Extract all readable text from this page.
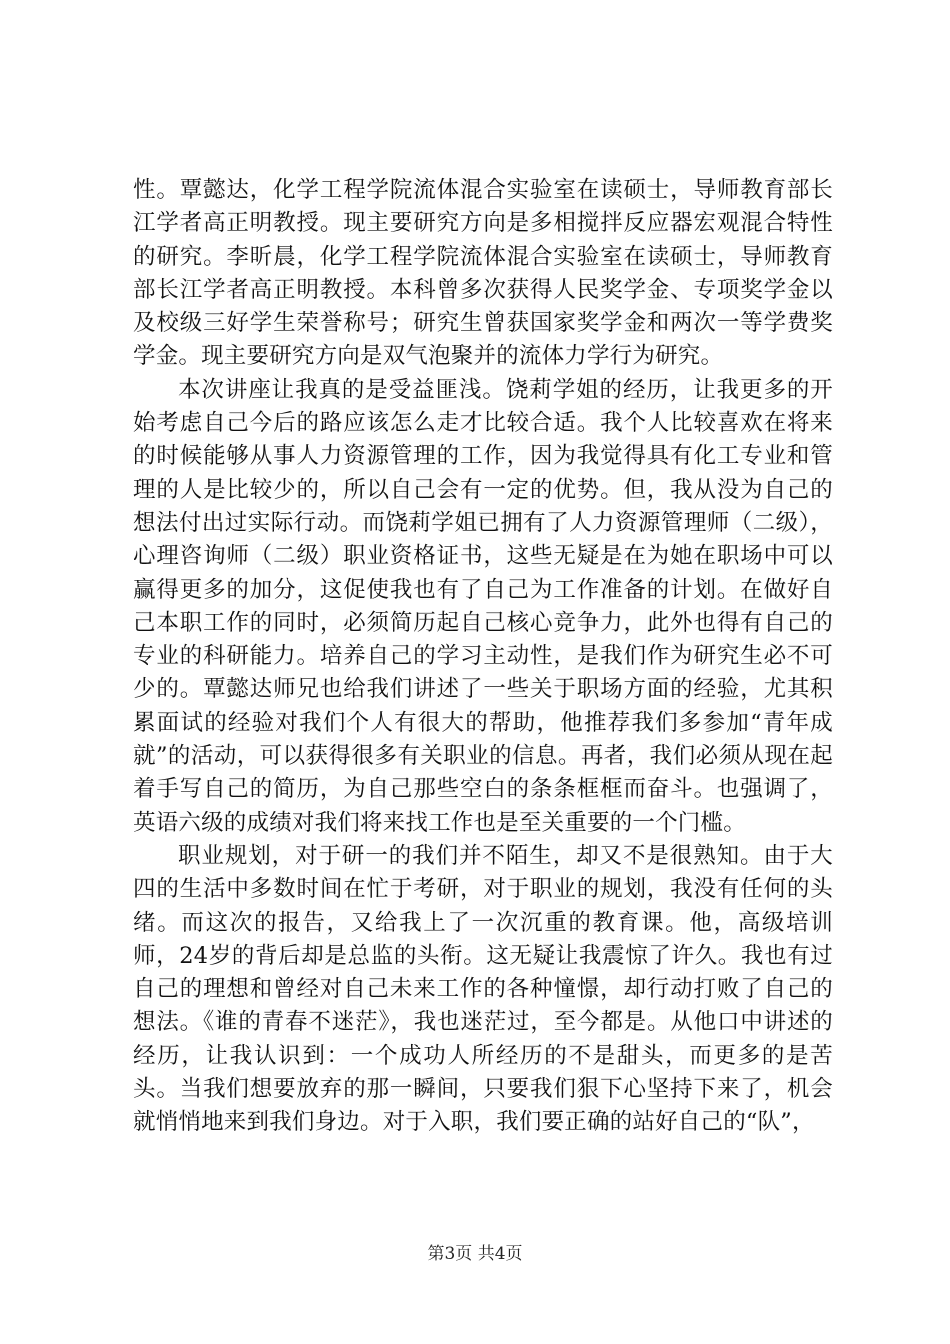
性。覃懿达，化学工程学院流体混合实验室在读硕士，导师教育部长江学者高正明教授。现主要研究方向是多相搅拌反应器宏观混合特性的研究。李昕晨，化学工程学院流体混合实验室在读硕士，导师教育部长江学者高正明教授。本科曾多次获得人民奖学金、专项奖学金以及校级三好学生荣誉称号；研究生曾获国家奖学金和两次一等学费奖学金。现主要研究方向是双气泡聚并的流体力学行为研究。

本次讲座让我真的是受益匪浅。饶莉学姐的经历，让我更多的开始考虑自己今后的路应该怎么走才比较合适。我个人比较喜欢在将来的时候能够从事人力资源管理的工作，因为我觉得具有化工专业和管理的人是比较少的，所以自己会有一定的优势。但，我从没为自己的想法付出过实际行动。而饶莉学姐已拥有了人力资源管理师（二级），心理咨询师（二级）职业资格证书，这些无疑是在为她在职场中可以赢得更多的加分，这促使我也有了自己为工作准备的计划。在做好自己本职工作的同时，必须简历起自己核心竞争力，此外也得有自己的专业的科研能力。培养自己的学习主动性，是我们作为研究生必不可少的。覃懿达师兄也给我们讲述了一些关于职场方面的经验，尤其积累面试的经验对我们个人有很大的帮助，他推荐我们多参加“青年成就”的活动，可以获得很多有关职业的信息。再者，我们必须从现在起着手写自己的简历，为自己那些空白的条条框框而奋斗。也强调了，英语六级的成绩对我们将来找工作也是至关重要的一个门槛。

职业规划，对于研一的我们并不陌生，却又不是很熟知。由于大四的生活中多数时间在忙于考研，对于职业的规划，我没有任何的头绪。而这次的报告，又给我上了一次沉重的教育课。他，高级培训师，24岁的背后却是总监的头衔。这无疑让我震惊了许久。我也有过自己的理想和曾经对自己未来工作的各种憧憬，却行动打败了自己的想法。《谁的青春不迷茫》，我也迷茫过，至今都是。从他口中讲述的经历，让我认识到：一个成功人所经历的不是甜头，而更多的是苦头。当我们想要放弃的那一瞬间，只要我们狠下心坚持下来了，机会就悄悄地来到我们身边。对于入职，我们要正确的站好自己的“队”，

第3页 共4页
